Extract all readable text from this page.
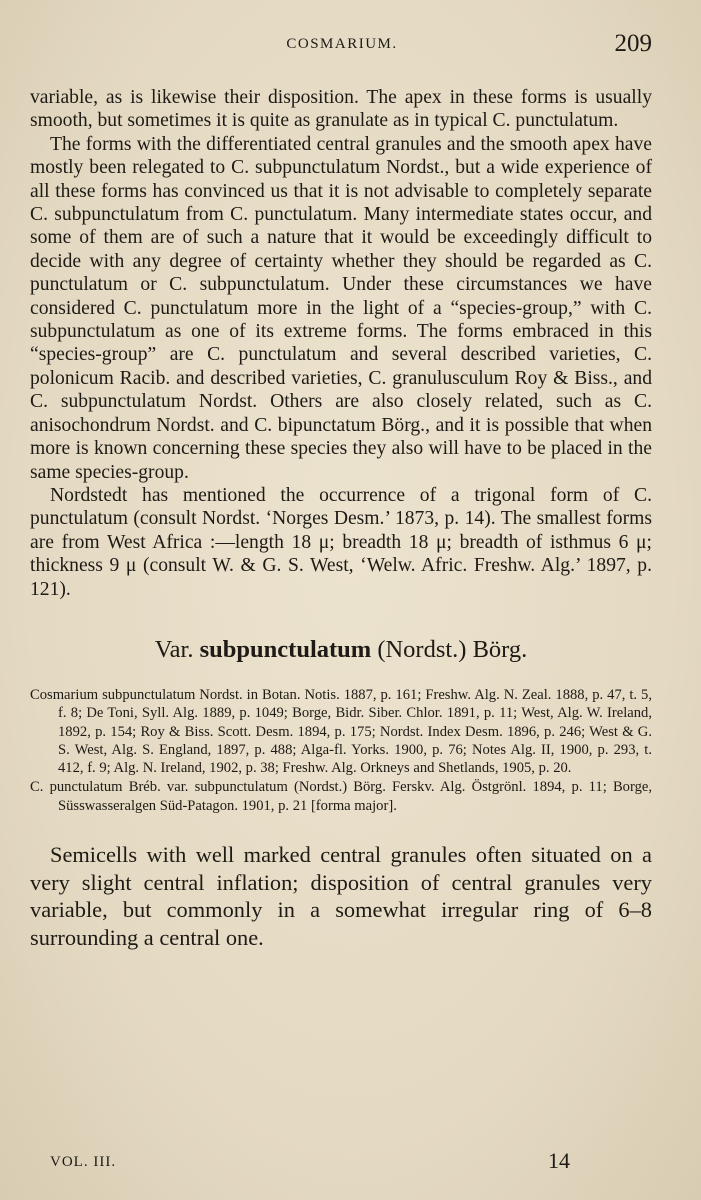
COSMARIUM.	209

variable, as is likewise their disposition. The apex in these forms is usually smooth, but sometimes it is quite as granulate as in typical C. punctulatum.

The forms with the differentiated central granules and the smooth apex have mostly been relegated to C. subpunctulatum Nordst., but a wide experience of all these forms has convinced us that it is not advisable to completely separate C. subpunctulatum from C. punctulatum. Many intermediate states occur, and some of them are of such a nature that it would be exceedingly difficult to decide with any degree of certainty whether they should be regarded as C. punctulatum or C. subpunctulatum. Under these circumstances we have considered C. punctulatum more in the light of a “species-group,” with C. subpunctulatum as one of its extreme forms. The forms embraced in this “species-group” are C. punctulatum and several described varieties, C. polonicum Racib. and described varieties, C. granulusculum Roy & Biss., and C. subpunctulatum Nordst. Others are also closely related, such as C. anisochondrum Nordst. and C. bipunctatum Börg., and it is possible that when more is known concerning these species they also will have to be placed in the same species-group.

Nordstedt has mentioned the occurrence of a trigonal form of C. punctulatum (consult Nordst. ‘Norges Desm.’ 1873, p. 14). The smallest forms are from West Africa :—length 18 μ; breadth 18 μ; breadth of isthmus 6 μ; thickness 9 μ (consult W. & G. S. West, ‘Welw. Afric. Freshw. Alg.’ 1897, p. 121).

Var. subpunctulatum (Nordst.) Börg.

Cosmarium subpunctulatum Nordst. in Botan. Notis. 1887, p. 161; Freshw. Alg. N. Zeal. 1888, p. 47, t. 5, f. 8; De Toni, Syll. Alg. 1889, p. 1049; Borge, Bidr. Siber. Chlor. 1891, p. 11; West, Alg. W. Ireland, 1892, p. 154; Roy & Biss. Scott. Desm. 1894, p. 175; Nordst. Index Desm. 1896, p. 246; West & G. S. West, Alg. S. England, 1897, p. 488; Alga-fl. Yorks. 1900, p. 76; Notes Alg. II, 1900, p. 293, t. 412, f. 9; Alg. N. Ireland, 1902, p. 38; Freshw. Alg. Orkneys and Shetlands, 1905, p. 20.

C. punctulatum Bréb. var. subpunctulatum (Nordst.) Börg. Ferskv. Alg. Östgrönl. 1894, p. 11; Borge, Süsswasseralgen Süd-Patagon. 1901, p. 21 [forma major].

Semicells with well marked central granules often situated on a very slight central inflation; disposition of central granules very variable, but commonly in a somewhat irregular ring of 6–8 surrounding a central one.

VOL. III.	14
